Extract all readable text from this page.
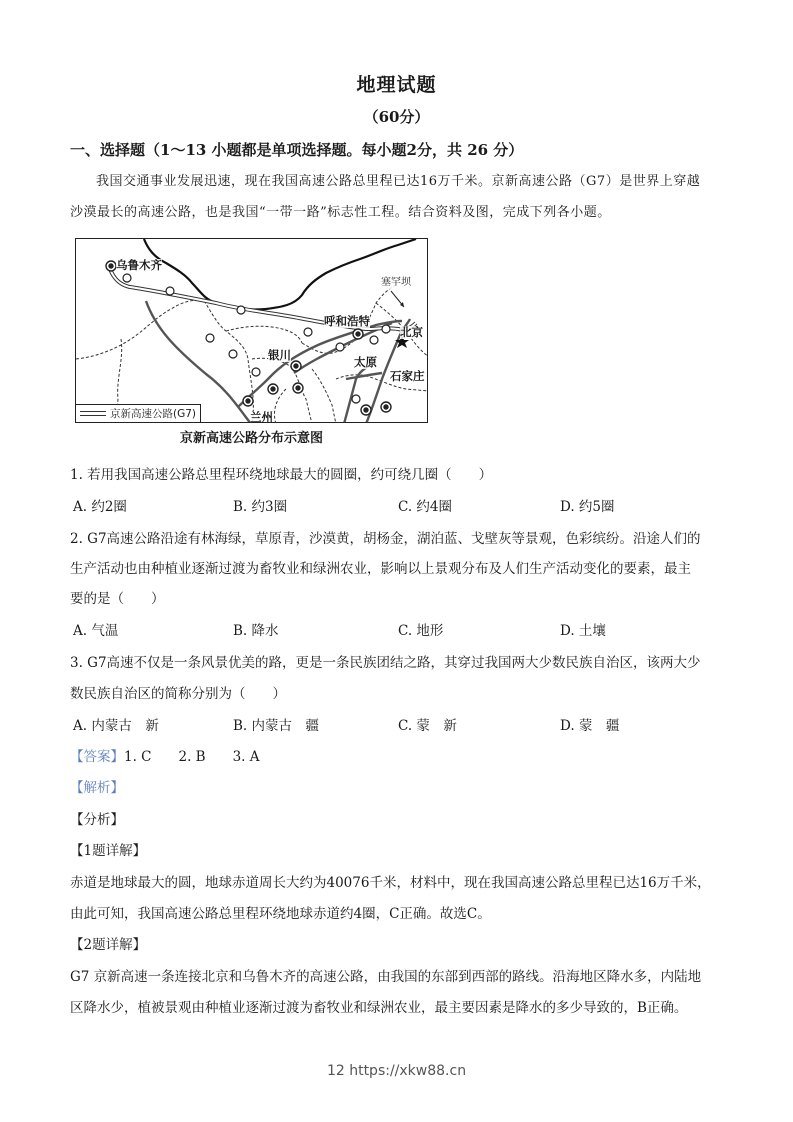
地理试题
（60分）
一、选择题（1～13 小题都是单项选择题。每小题2分，共 26 分）
我国交通事业发展迅速，现在我国高速公路总里程已达16万千米。京新高速公路（G7）是世界上穿越
沙漠最长的高速公路，也是我国“一带一路”标志性工程。结合资料及图，完成下列各小题。
乌鲁木齐
塞罕坝
呼和浩特
北京
银川	太原
石家庄
兰州
京新高速公路(G7)
京新高速公路分布示意图
1. 若用我国高速公路总里程环绕地球最大的圆圈，约可绕几圈（　　）
A. 约2圈	B. 约3圈	C. 约4圈	D. 约5圈
2. G7高速公路沿途有林海绿，草原青，沙漠黄，胡杨金，湖泊蓝、戈壁灰等景观，色彩缤纷。沿途人们的
生产活动也由种植业逐渐过渡为畜牧业和绿洲农业，影响以上景观分布及人们生产活动变化的要素，最主
要的是（　　）
A. 气温	B. 降水	C. 地形	D. 土壤
3. G7高速不仅是一条风景优美的路，更是一条民族团结之路，其穿过我国两大少数民族自治区，该两大少
数民族自治区的简称分别为（　　）
A. 内蒙古　新	B. 内蒙古　疆	C. 蒙　新	D. 蒙　疆
【答案】1. C　　2. B　　3. A
【解析】
【分析】
【1题详解】
赤道是地球最大的圆，地球赤道周长大约为40076千米，材料中，现在我国高速公路总里程已达16万千米，
由此可知，我国高速公路总里程环绕地球赤道约4圈，C正确。故选C。
【2题详解】
G7 京新高速一条连接北京和乌鲁木齐的高速公路，由我国的东部到西部的路线。沿海地区降水多，内陆地
区降水少，植被景观由种植业逐渐过渡为畜牧业和绿洲农业，最主要因素是降水的多少导致的，B正确。
12 https://xkw88.cn
